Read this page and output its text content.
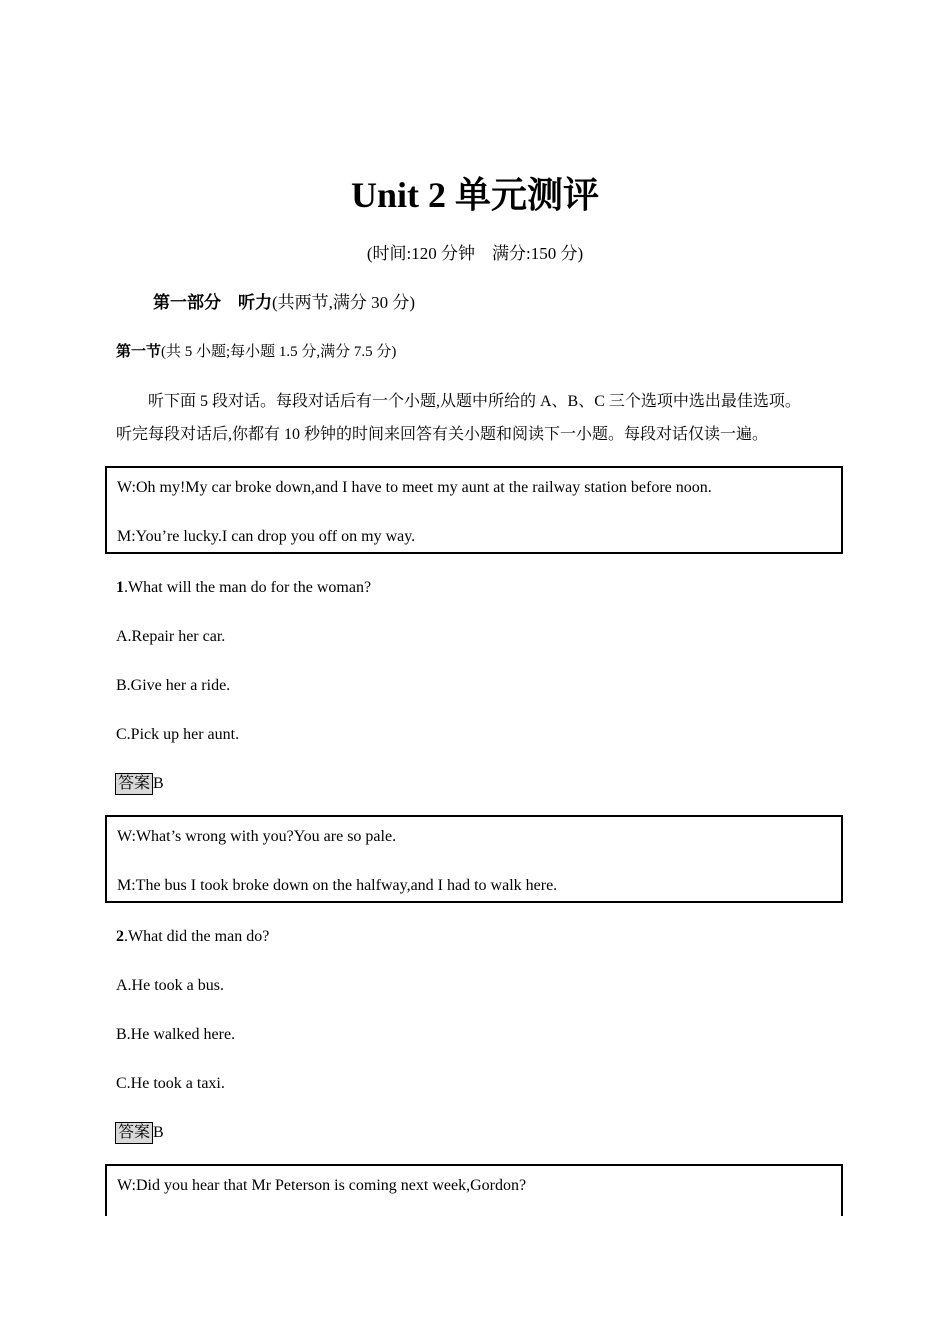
Unit 2 单元测评
(时间:120 分钟　满分:150 分)
第一部分　听力(共两节,满分 30 分)
第一节(共 5 小题;每小题 1.5 分,满分 7.5 分)
听下面 5 段对话。每段对话后有一个小题,从题中所给的 A、B、C 三个选项中选出最佳选项。
听完每段对话后,你都有 10 秒钟的时间来回答有关小题和阅读下一小题。每段对话仅读一遍。
W:Oh my!My car broke down,and I have to meet my aunt at the railway station before noon.
M:You’re lucky.I can drop you off on my way.
1.What will the man do for the woman?
A.Repair her car.
B.Give her a ride.
C.Pick up her aunt.
答案 B
W:What’s wrong with you?You are so pale.
M:The bus I took broke down on the halfway,and I had to walk here.
2.What did the man do?
A.He took a bus.
B.He walked here.
C.He took a taxi.
答案 B
W:Did you hear that Mr Peterson is coming next week,Gordon?
